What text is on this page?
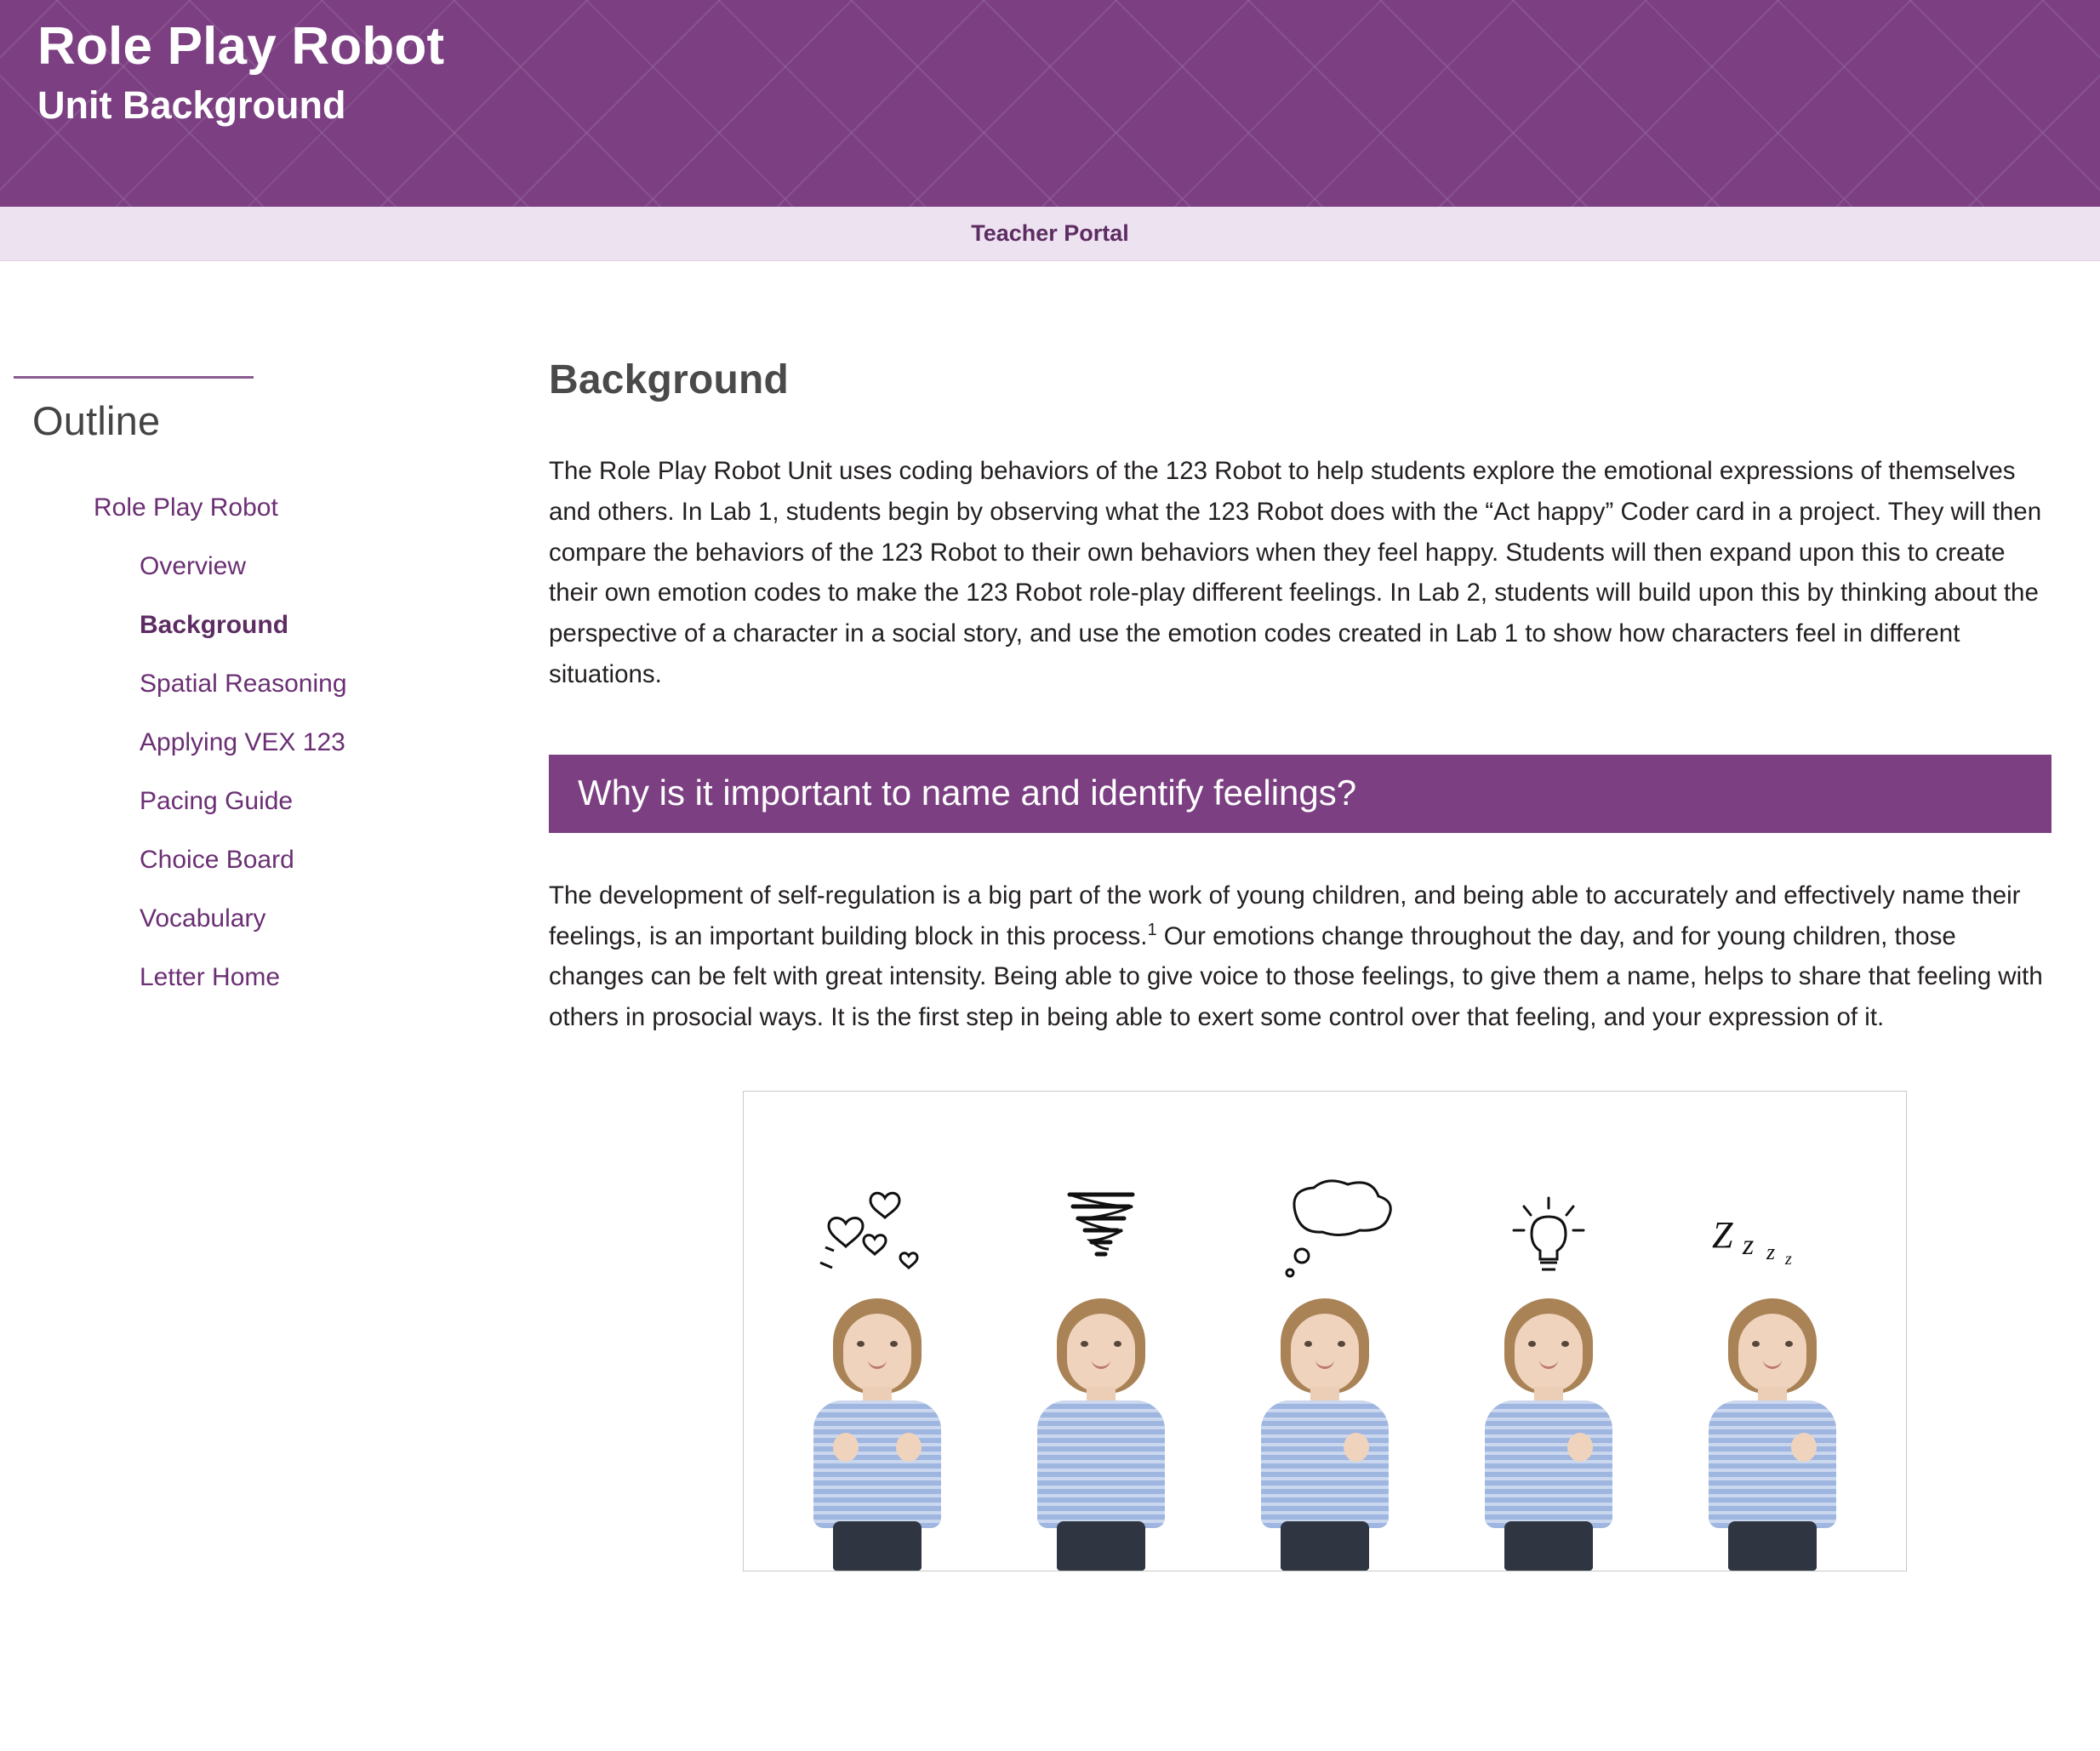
Role Play Robot
Unit Background
Teacher Portal
Outline
Role Play Robot
Overview
Background
Spatial Reasoning
Applying VEX 123
Pacing Guide
Choice Board
Vocabulary
Letter Home
Background

The Role Play Robot Unit uses coding behaviors of the 123 Robot to help students explore the emotional expressions of themselves and others. In Lab 1, students begin by observing what the 123 Robot does with the “Act happy” Coder card in a project. They will then compare the behaviors of the 123 Robot to their own behaviors when they feel happy. Students will then expand upon this to create their own emotion codes to make the 123 Robot role-play different feelings. In Lab 2, students will build upon this by thinking about the perspective of a character in a social story, and use the emotion codes created in Lab 1 to show how characters feel in different situations.

Why is it important to name and identify feelings?

The development of self-regulation is a big part of the work of young children, and being able to accurately and effectively name their feelings, is an important building block in this process.$^1$ Our emotions change throughout the day, and for young children, those changes can be felt with great intensity. Being able to give voice to those feelings, to give them a name, helps to share that feeling with others in prosocial ways. It is the first step in being able to exert some control over that feeling, and your expression of it.

Z z z z
